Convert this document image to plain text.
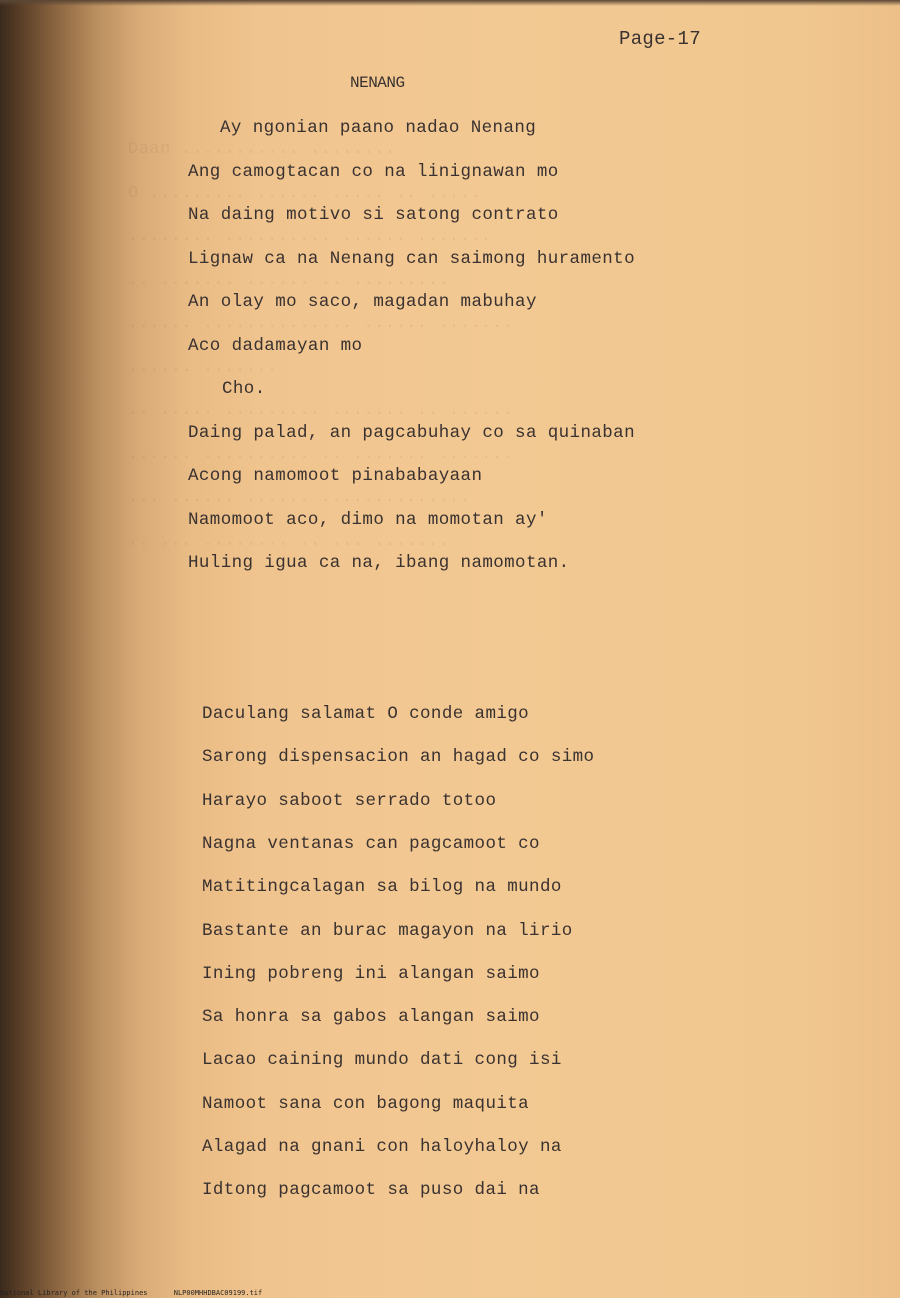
Daan ........... ........
O ......... ...... ..... .. .....
........ .......... ...... .......
.. ....... ...... .. .........
...... .............. ...... .......
...... .......
.. ..... ......... ....... .. ......
...... .......... .. ....... .......
... ...... ...... ..............
.. ... ........ .. ... .......
Page-17
NENANG
Ay ngonian paano nadao Nenang
Ang camogtacan co na linignawan mo
Na daing motivo si satong contrato
Lignaw ca na Nenang can saimong huramento
An olay mo saco, magadan mabuhay
Aco dadamayan mo
Cho.
Daing palad, an pagcabuhay co sa quinaban
Acong namomoot pinababayaan
Namomoot aco, dimo na momotan ay'
Huling igua ca na, ibang namomotan.
Daculang salamat O conde amigo
Sarong dispensacion an hagad co simo
Harayo saboot serrado totoo
Nagna ventanas can pagcamoot co
Matitingcalagan sa bilog na mundo
Bastante an burac magayon na lirio
Ining pobreng ini alangan saimo
Sa honra sa gabos alangan saimo
Lacao caining mundo dati cong isi
Namoot sana con bagong maquita
Alagad na gnani con haloyhaloy na
Idtong pagcamoot sa puso dai na
National Library of the Philippines	NLP00MHHDBAC09199.tif
